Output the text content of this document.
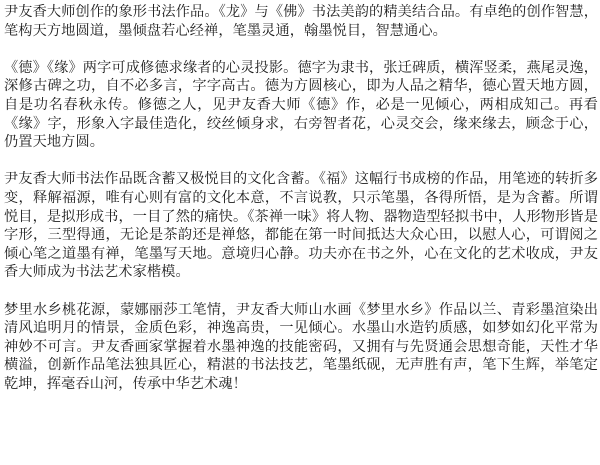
尹友香大师创作的象形书法作品。《龙》与《佛》书法美韵的精美结合品。有卓绝的创作智慧，笔构天方地圆道，墨倾盘若心经禅，笔墨灵通，翰墨悦目，智慧通心。

《德》《缘》两字可成修德求缘者的心灵投影。德字为隶书，张迁碑质，横浑竖柔，燕尾灵逸，深修古碑之功，自不必多言，字字高古。德为方圆核心，即为人品之精华，德心置天地方圆，自是功名春秋永传。修德之人，见尹友香大师《德》作，必是一见倾心，两相成知己。再看《缘》字，形象入字最佳造化，绞丝倾身求，右旁智者花，心灵交会，缘来缘去，顾念于心，仍置天地方圆。

尹友香大师书法作品既含蓄又极悦目的文化含蓄。《福》这幅行书成榜的作品，用笔迹的转折多变，释解福源，唯有心则有富的文化本意，不言说教，只示笔墨，各得所悟，是为含蓄。所谓悦目，是拟形成书，一目了然的痛快。《茶禅一味》将人物、器物造型轻拟书中，人形物形皆是字形，三型得通，无论是茶韵还是禅悠，都能在第一时间抵达大众心田，以慰人心，可谓阅之倾心笔之道墨有禅，笔墨写天地。意境归心静。功夫亦在书之外，心在文化的艺术收成，尹友香大师成为书法艺术家楷模。

梦里水乡桃花源，蒙娜丽莎工笔情，尹友香大师山水画《梦里水乡》作品以兰、青彩墨渲染出清风追明月的情景，金质色彩，神逸高贵，一见倾心。水墨山水造钓质感，如梦如幻化平常为神妙不可言。尹友香画家掌握着水墨神逸的技能密码，又拥有与先贤通会思想奇能，天性才华横溢，创新作品笔法独具匠心，精湛的书法技艺，笔墨纸砚，无声胜有声，笔下生辉，举笔定乾坤，挥毫吞山河，传承中华艺术魂！
